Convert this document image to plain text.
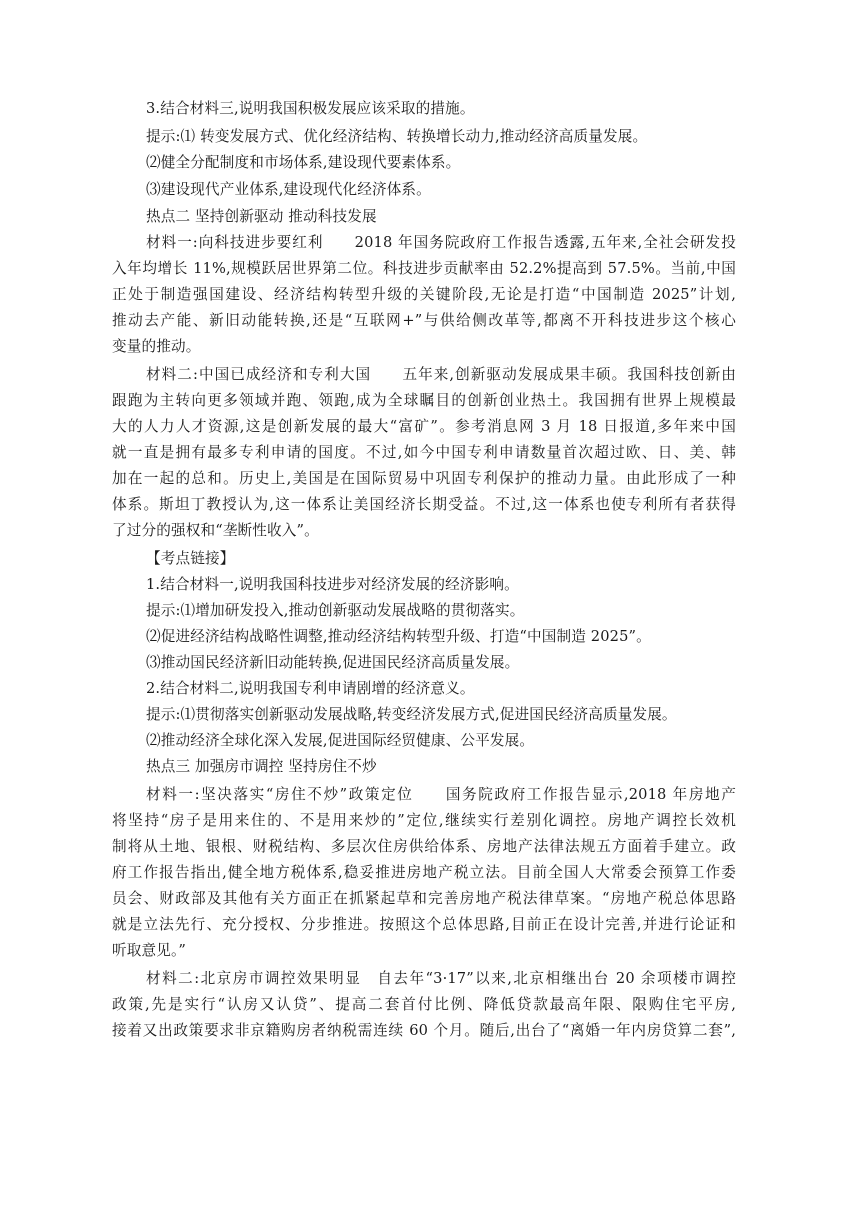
3.结合材料三,说明我国积极发展应该采取的措施。
提示:⑴ 转变发展方式、优化经济结构、转换增长动力,推动经济高质量发展。
⑵健全分配制度和市场体系,建设现代要素体系。
⑶建设现代产业体系,建设现代化经济体系。
热点二 坚持创新驱动 推动科技发展
材料一:向科技进步要红利　　2018 年国务院政府工作报告透露,五年来,全社会研发投
入年均增长 11%,规模跃居世界第二位。科技进步贡献率由 52.2%提高到 57.5%。当前,中国
正处于制造强国建设、经济结构转型升级的关键阶段,无论是打造“中国制造 2025”计划,
推动去产能、新旧动能转换,还是“互联网+”与供给侧改革等,都离不开科技进步这个核心
变量的推动。
材料二:中国已成经济和专利大国　　五年来,创新驱动发展成果丰硕。我国科技创新由
跟跑为主转向更多领域并跑、领跑,成为全球瞩目的创新创业热土。我国拥有世界上规模最
大的人力人才资源,这是创新发展的最大“富矿”。参考消息网 3 月 18 日报道,多年来中国
就一直是拥有最多专利申请的国度。不过,如今中国专利申请数量首次超过欧、日、美、韩
加在一起的总和。历史上,美国是在国际贸易中巩固专利保护的推动力量。由此形成了一种
体系。斯坦丁教授认为,这一体系让美国经济长期受益。不过,这一体系也使专利所有者获得
了过分的强权和“垄断性收入”。
【考点链接】
1.结合材料一,说明我国科技进步对经济发展的经济影响。
提示:⑴增加研发投入,推动创新驱动发展战略的贯彻落实。
⑵促进经济结构战略性调整,推动经济结构转型升级、打造“中国制造 2025”。
⑶推动国民经济新旧动能转换,促进国民经济高质量发展。
2.结合材料二,说明我国专利申请剧增的经济意义。
提示:⑴贯彻落实创新驱动发展战略,转变经济发展方式,促进国民经济高质量发展。
⑵推动经济全球化深入发展,促进国际经贸健康、公平发展。
热点三 加强房市调控 坚持房住不炒
材料一:坚决落实“房住不炒”政策定位　　国务院政府工作报告显示,2018 年房地产
将坚持“房子是用来住的、不是用来炒的”定位,继续实行差别化调控。房地产调控长效机
制将从土地、银根、财税结构、多层次住房供给体系、房地产法律法规五方面着手建立。政
府工作报告指出,健全地方税体系,稳妥推进房地产税立法。目前全国人大常委会预算工作委
员会、财政部及其他有关方面正在抓紧起草和完善房地产税法律草案。“房地产税总体思路
就是立法先行、充分授权、分步推进。按照这个总体思路,目前正在设计完善,并进行论证和
听取意见。”
材料二:北京房市调控效果明显　自去年“3·17”以来,北京相继出台 20 余项楼市调控
政策,先是实行“认房又认贷”、提高二套首付比例、降低贷款最高年限、限购住宅平房,
接着又出政策要求非京籍购房者纳税需连续 60 个月。随后,出台了“离婚一年内房贷算二套”,
